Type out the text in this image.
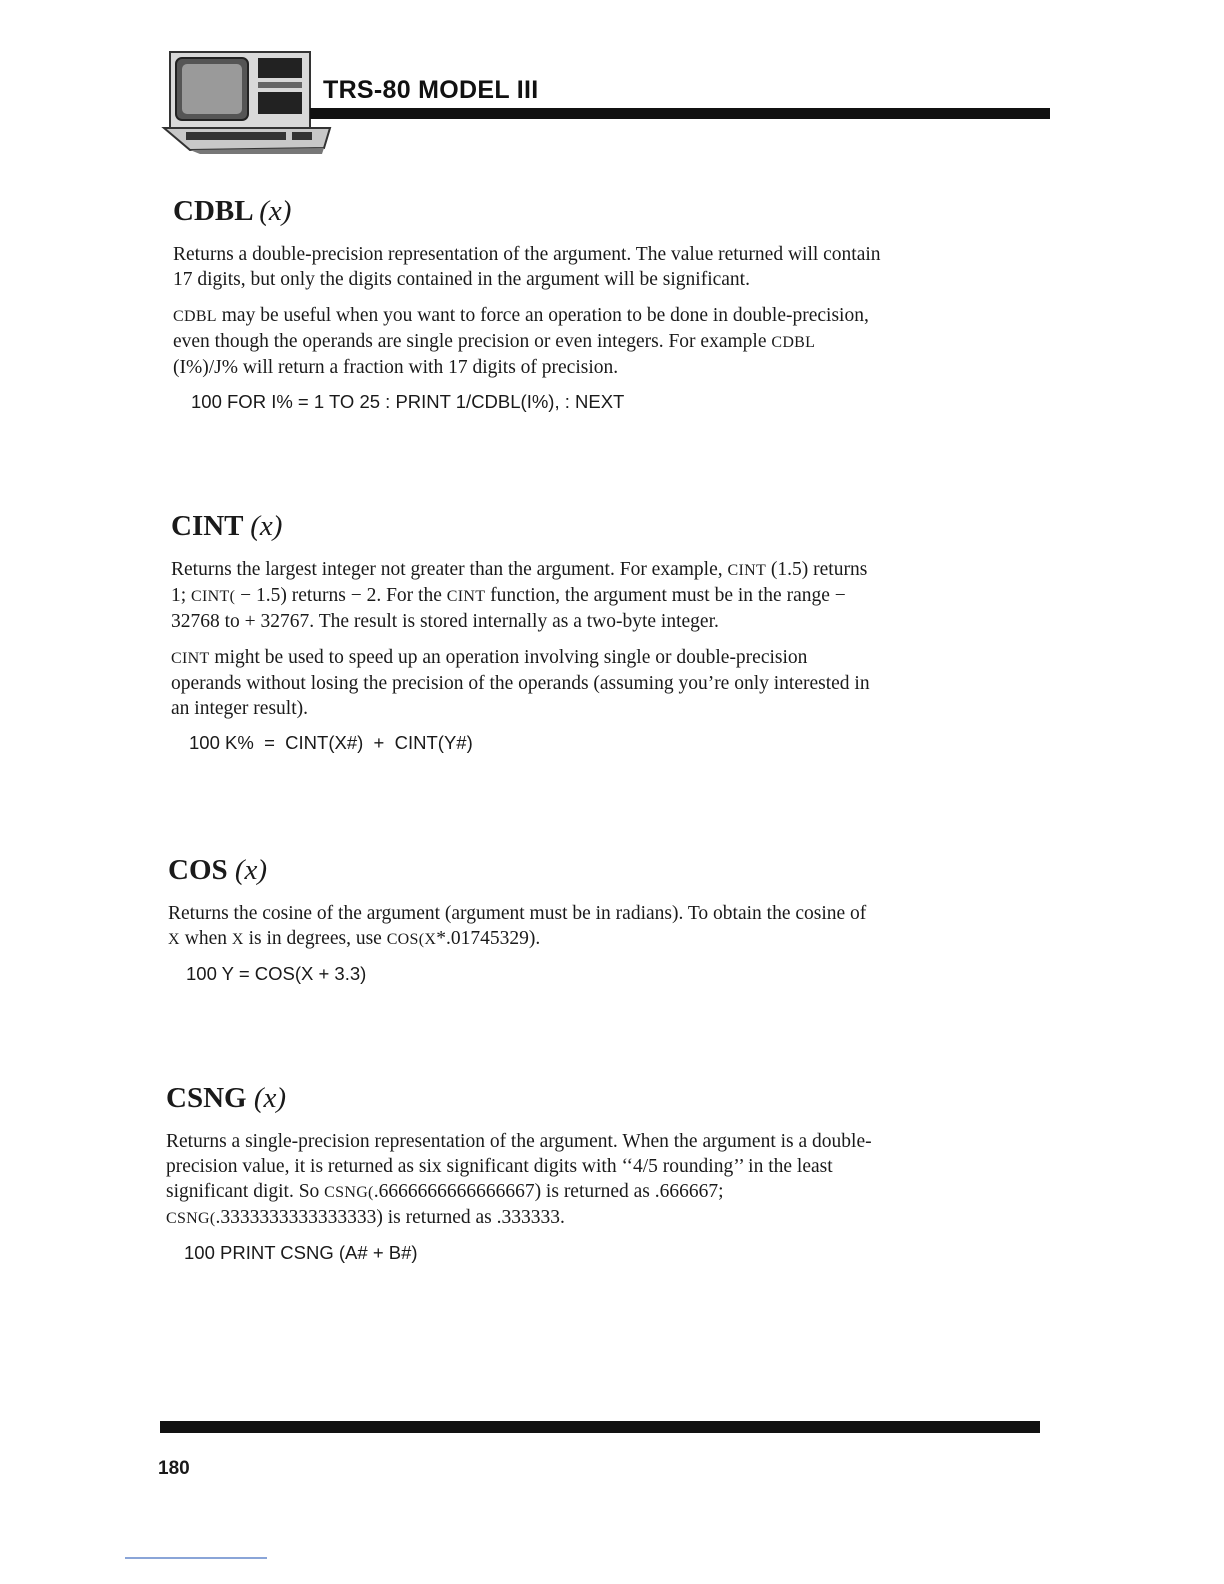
TRS-80 MODEL III
CDBL (x)

Returns a double-precision representation of the argument. The value returned will contain 17 digits, but only the digits contained in the argument will be significant.

CDBL may be useful when you want to force an operation to be done in double-precision, even though the operands are single precision or even integers. For example CDBL (I%)/J% will return a fraction with 17 digits of precision.

100 FOR I% = 1 TO 25 : PRINT 1/CDBL(I%), : NEXT
CINT (x)

Returns the largest integer not greater than the argument. For example, CINT (1.5) returns 1; CINT( − 1.5) returns − 2. For the CINT function, the argument must be in the range − 32768 to + 32767. The result is stored internally as a two-byte integer.

CINT might be used to speed up an operation involving single or double-precision operands without losing the precision of the operands (assuming you’re only interested in an integer result).

100 K%  =  CINT(X#)  +  CINT(Y#)
COS (x)

Returns the cosine of the argument (argument must be in radians). To obtain the cosine of X when X is in degrees, use COS(X*.01745329).

100 Y = COS(X + 3.3)
CSNG (x)

Returns a single-precision representation of the argument. When the argument is a double-precision value, it is returned as six significant digits with ‘‘4/5 rounding’’ in the least significant digit. So CSNG(.6666666666666667) is returned as .666667; CSNG(.3333333333333333) is returned as .333333.

100 PRINT CSNG (A# + B#)
180
